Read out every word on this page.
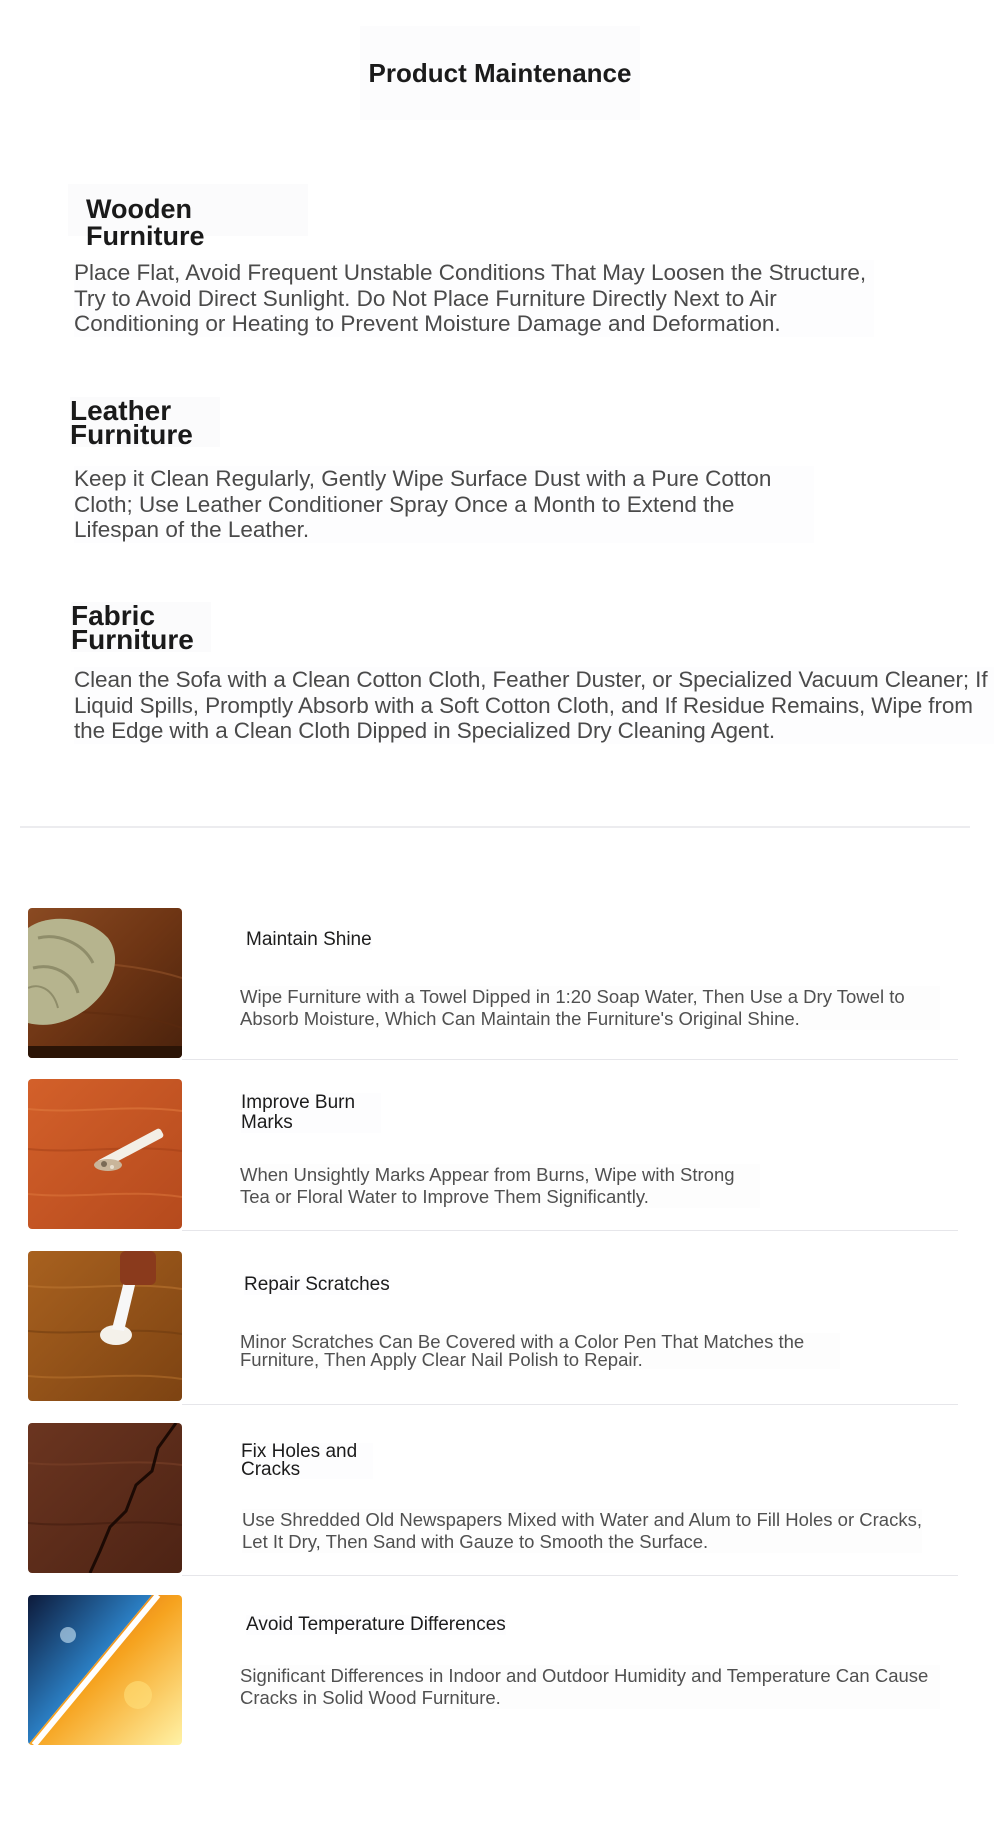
Product Maintenance
Wooden Furniture

Place Flat, Avoid Frequent Unstable Conditions That May Loosen the Structure, Try to Avoid Direct Sunlight. Do Not Place Furniture Directly Next to Air Conditioning or Heating to Prevent Moisture Damage and Deformation.

Leather Furniture

Keep it Clean Regularly, Gently Wipe Surface Dust with a Pure Cotton Cloth; Use Leather Conditioner Spray Once a Month to Extend the Lifespan of the Leather.

Fabric Furniture

Clean the Sofa with a Clean Cotton Cloth, Feather Duster, or Specialized Vacuum Cleaner; If Liquid Spills, Promptly Absorb with a Soft Cotton Cloth, and If Residue Remains, Wipe from the Edge with a Clean Cloth Dipped in Specialized Dry Cleaning Agent.

Maintain Shine

Wipe Furniture with a Towel Dipped in 1:20 Soap Water, Then Use a Dry Towel to Absorb Moisture, Which Can Maintain the Furniture's Original Shine.

Improve Burn Marks

When Unsightly Marks Appear from Burns, Wipe with Strong Tea or Floral Water to Improve Them Significantly.

Repair Scratches

Minor Scratches Can Be Covered with a Color Pen That Matches the Furniture, Then Apply Clear Nail Polish to Repair.

Fix Holes and Cracks

Use Shredded Old Newspapers Mixed with Water and Alum to Fill Holes or Cracks, Let It Dry, Then Sand with Gauze to Smooth the Surface.

Avoid Temperature Differences

Significant Differences in Indoor and Outdoor Humidity and Temperature Can Cause Cracks in Solid Wood Furniture.
